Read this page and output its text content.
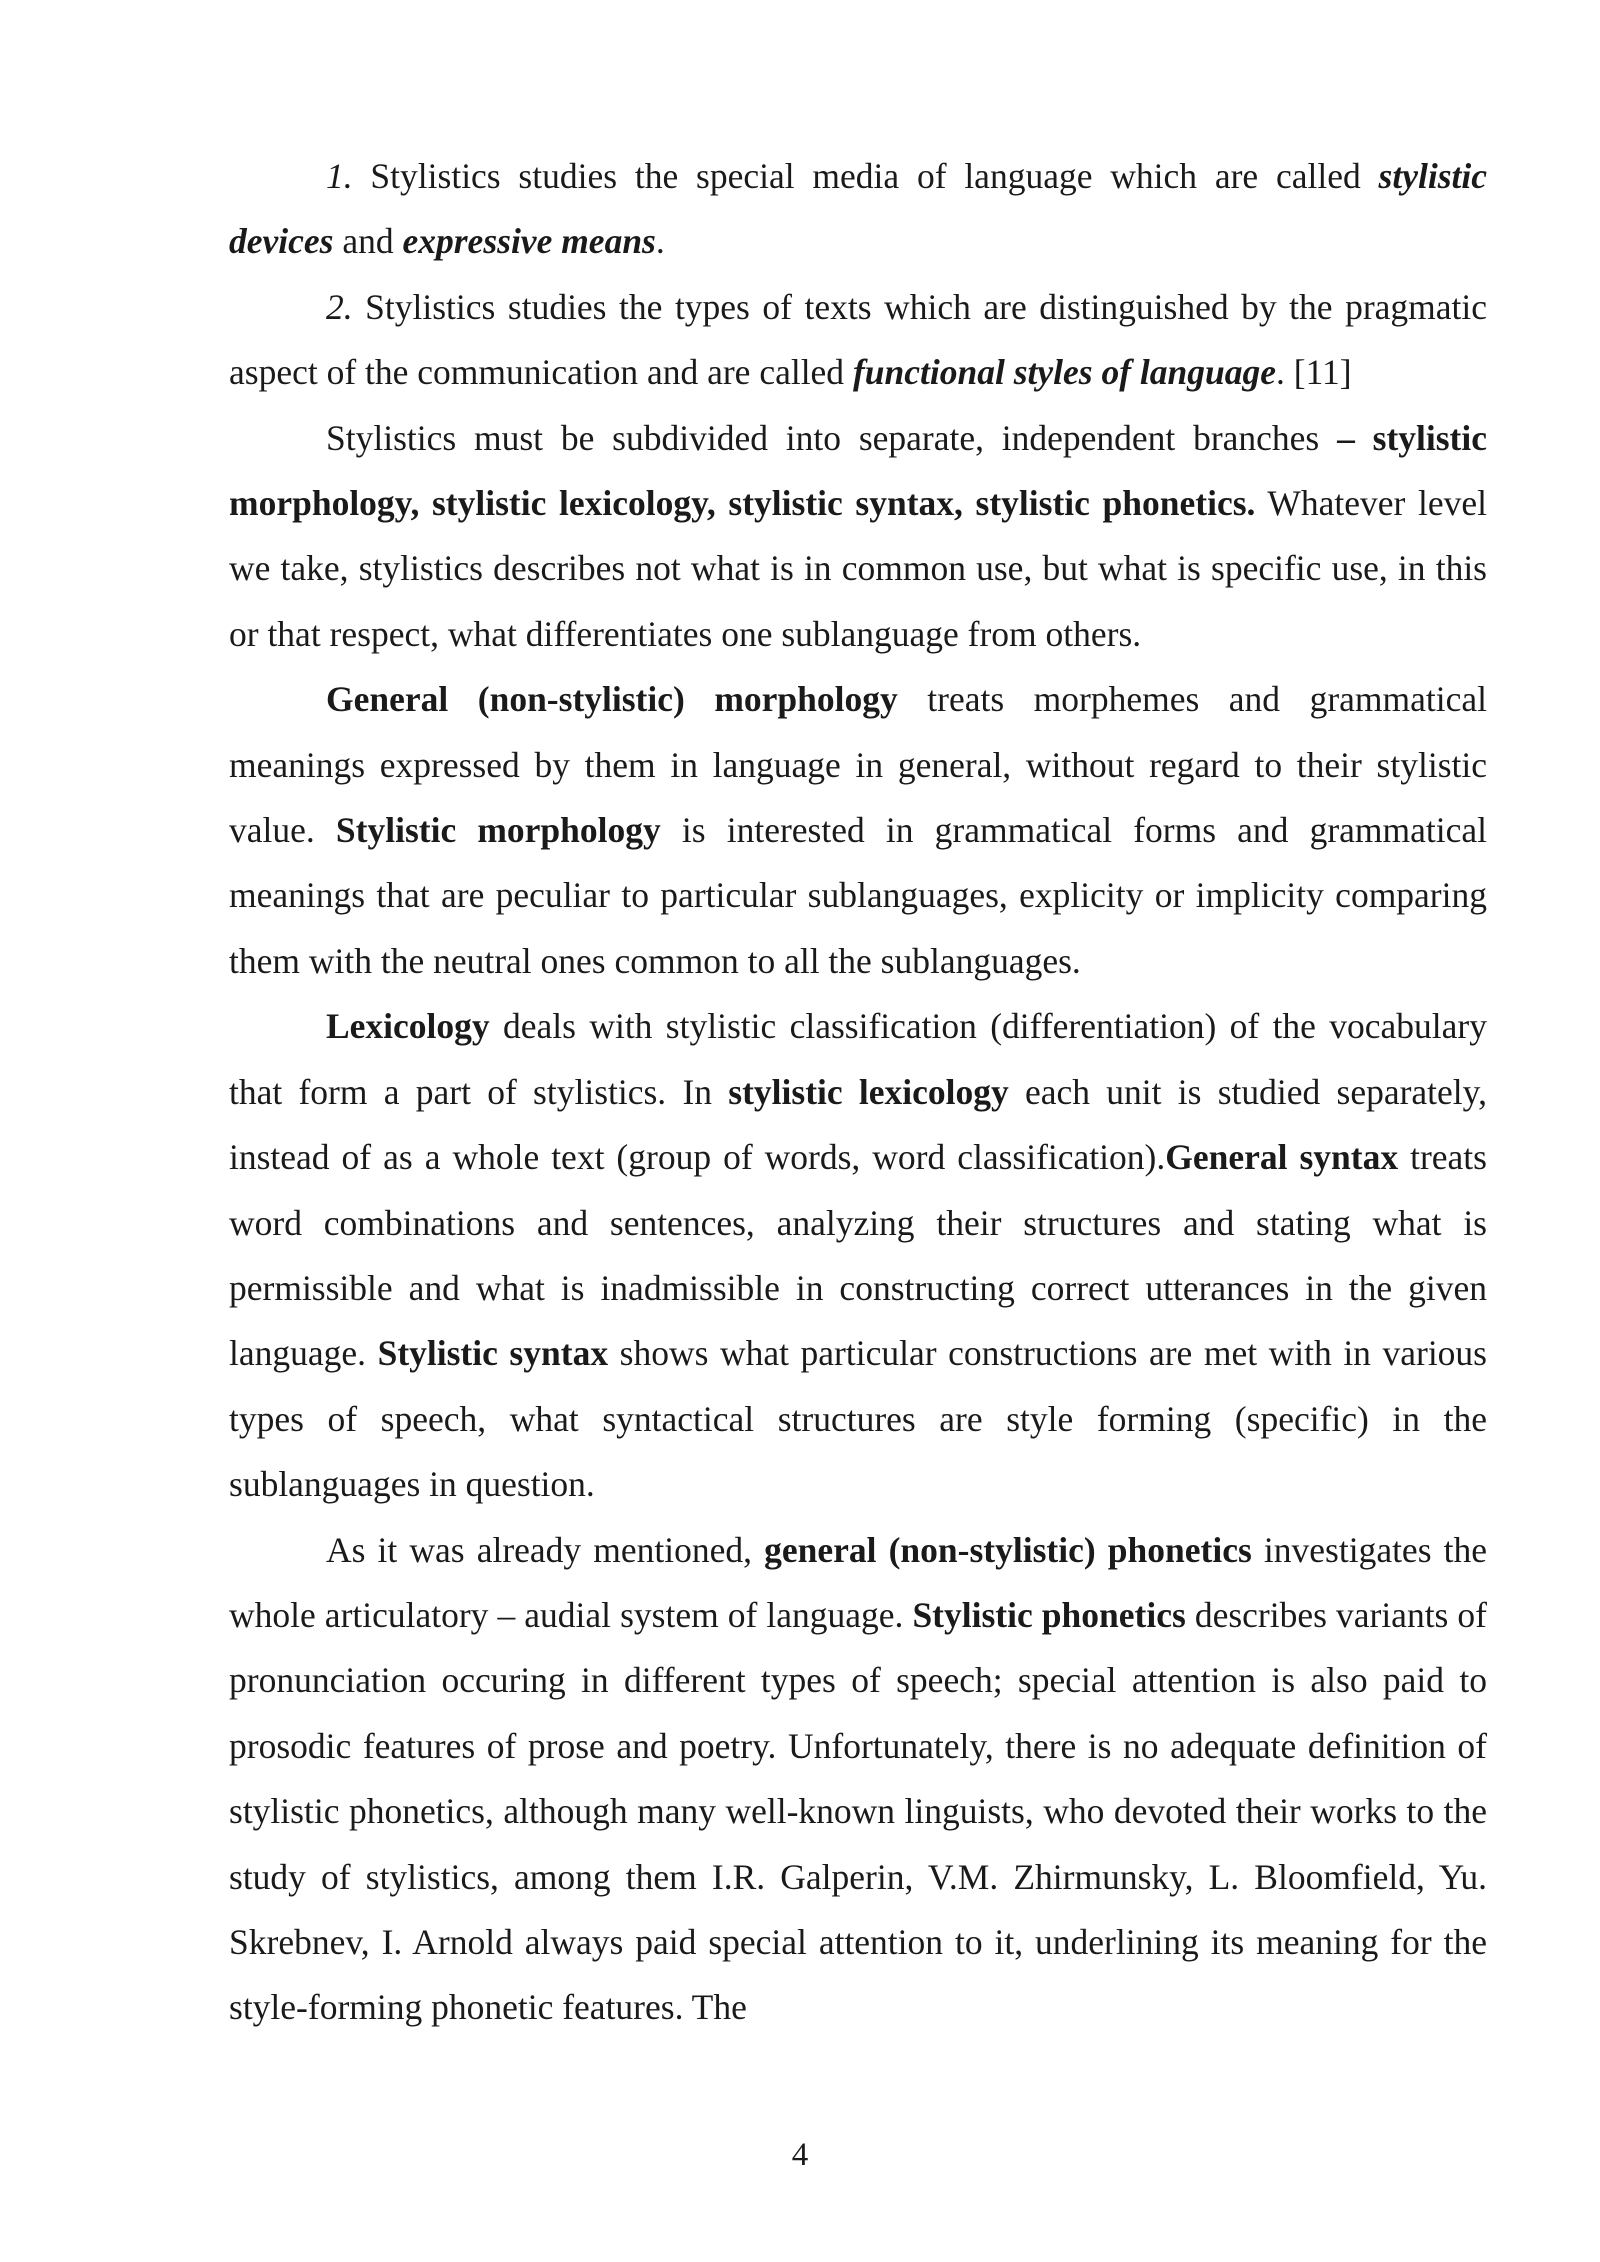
1. Stylistics studies the special media of language which are called stylistic devices and expressive means.

2. Stylistics studies the types of texts which are distinguished by the pragmatic aspect of the communication and are called functional styles of language. [11]

Stylistics must be subdivided into separate, independent branches – stylistic morphology, stylistic lexicology, stylistic syntax, stylistic phonetics. Whatever level we take, stylistics describes not what is in common use, but what is specific use, in this or that respect, what differentiates one sublanguage from others.

General (non-stylistic) morphology treats morphemes and grammatical meanings expressed by them in language in general, without regard to their stylistic value. Stylistic morphology is interested in grammatical forms and grammatical meanings that are peculiar to particular sublanguages, explicity or implicity comparing them with the neutral ones common to all the sublanguages.

Lexicology deals with stylistic classification (differentiation) of the vocabulary that form a part of stylistics. In stylistic lexicology each unit is studied separately, instead of as a whole text (group of words, word classification).General syntax treats word combinations and sentences, analyzing their structures and stating what is permissible and what is inadmissible in constructing correct utterances in the given language. Stylistic syntax shows what particular constructions are met with in various types of speech, what syntactical structures are style forming (specific) in the sublanguages in question.

As it was already mentioned, general (non-stylistic) phonetics investigates the whole articulatory – audial system of language. Stylistic phonetics describes variants of pronunciation occuring in different types of speech; special attention is also paid to prosodic features of prose and poetry. Unfortunately, there is no adequate definition of stylistic phonetics, although many well-known linguists, who devoted their works to the study of stylistics, among them I.R. Galperin, V.M. Zhirmunsky, L. Bloomfield, Yu. Skrebnev, I. Arnold always paid special attention to it, underlining its meaning for the style-forming phonetic features. The

4
